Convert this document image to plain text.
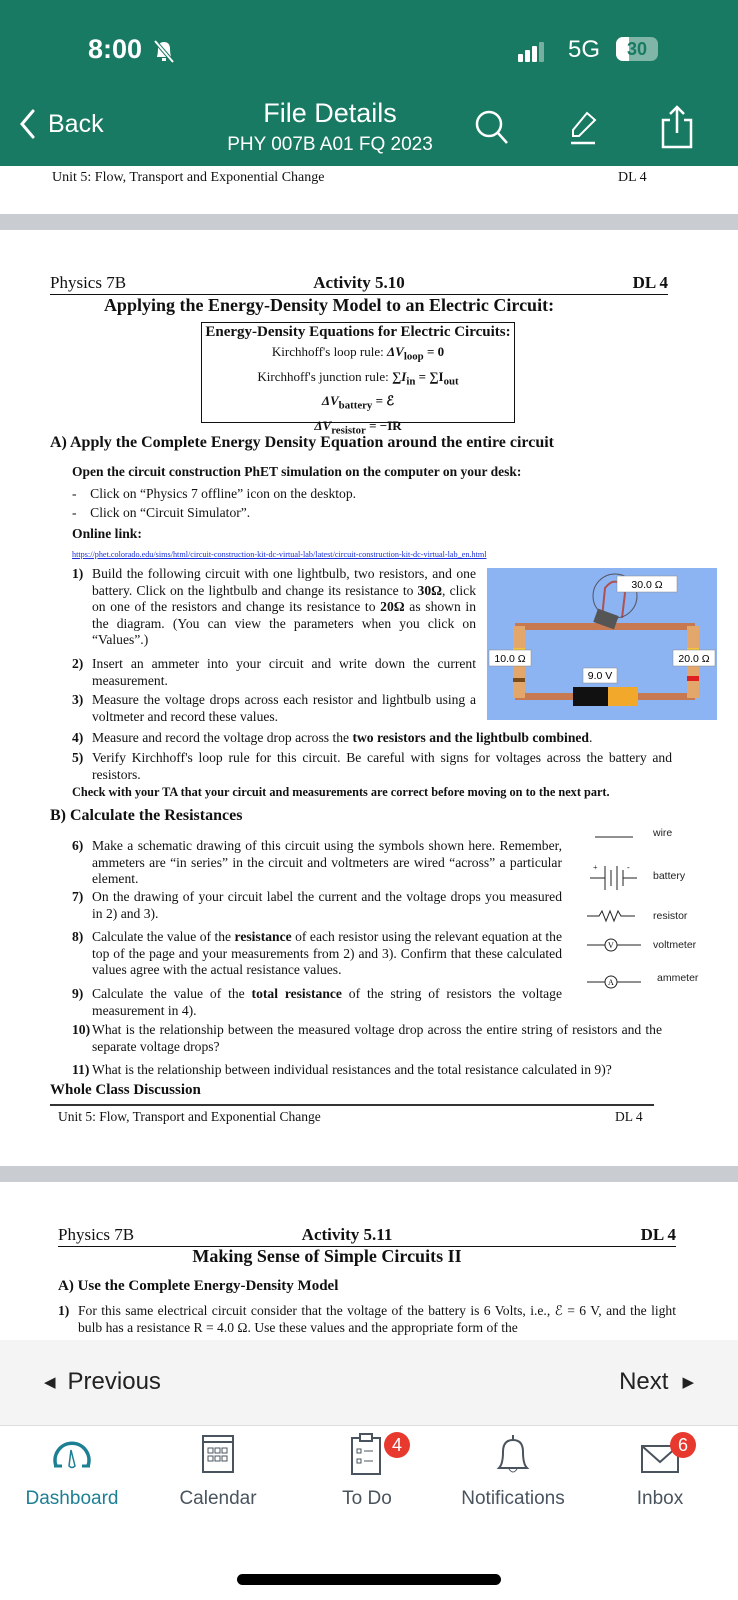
8:00	5G	30
Back	File Details
PHY 007B A01 FQ 2023
Unit 5: Flow, Transport and Exponential Change	DL 4
Physics 7B	Activity 5.10	DL 4
Applying the Energy-Density Model to an Electric Circuit:
Energy-Density Equations for Electric Circuits:
Kirchhoff's loop rule: $\Delta V_{loop} = 0$
Kirchhoff's junction rule: $\sum I_{in} = \sum I_{out}$
$\Delta V_{battery}$ = ℰ
$\Delta V_{resistor} = -IR$
A) Apply the Complete Energy Density Equation around the entire circuit
Open the circuit construction PhET simulation on the computer on your desk:
-    Click on “Physics 7 offline” icon on the desktop.
-    Click on “Circuit Simulator”.
Online link:
https://phet.colorado.edu/sims/html/circuit-construction-kit-dc-virtual-lab/latest/circuit-construction-kit-dc-virtual-lab_en.html
1) Build the following circuit with one lightbulb, two resistors, and one battery. Click on the lightbulb and change its resistance to 30Ω, click on one of the resistors and change its resistance to 20Ω as shown in the diagram. (You can view the parameters when you click on “Values”.)
2) Insert an ammeter into your circuit and write down the current measurement.
3) Measure the voltage drops across each resistor and lightbulb using a voltmeter and record these values.
4) Measure and record the voltage drop across the two resistors and the lightbulb combined.
5) Verify Kirchhoff's loop rule for this circuit. Be careful with signs for voltages across the battery and resistors.
30.0 Ω
10.0 Ω	20.0 Ω
9.0 V
Check with your TA that your circuit and measurements are correct before moving on to the next part.
B) Calculate the Resistances
6) Make a schematic drawing of this circuit using the symbols shown here. Remember, ammeters are “in series” in the circuit and voltmeters are wired “across” a particular element.
7) On the drawing of your circuit label the current and the voltage drops you measured in 2) and 3).
8) Calculate the value of the resistance of each resistor using the relevant equation at the top of the page and your measurements from 2) and 3). Confirm that these calculated values agree with the actual resistance values.
9) Calculate the value of the total resistance of the string of resistors the voltage measurement in 4).
10) What is the relationship between the measured voltage drop across the entire string of resistors and the separate voltage drops?
11) What is the relationship between individual resistances and the total resistance calculated in 9)?
wire
+	-
battery
resistor
V	voltmeter
A	ammeter
Whole Class Discussion
Unit 5: Flow, Transport and Exponential Change	DL 4
Physics 7B	Activity 5.11	DL 4
Making Sense of Simple Circuits II
A) Use the Complete Energy-Density Model
1) For this same electrical circuit consider that the voltage of the battery is 6 Volts, i.e., ℰ = 6 V, and the light bulb has a resistance R = 4.0 Ω. Use these values and the appropriate form of the
◀ Previous	Next ▶
Dashboard	Calendar
4
To Do	Notifications
6
Inbox
